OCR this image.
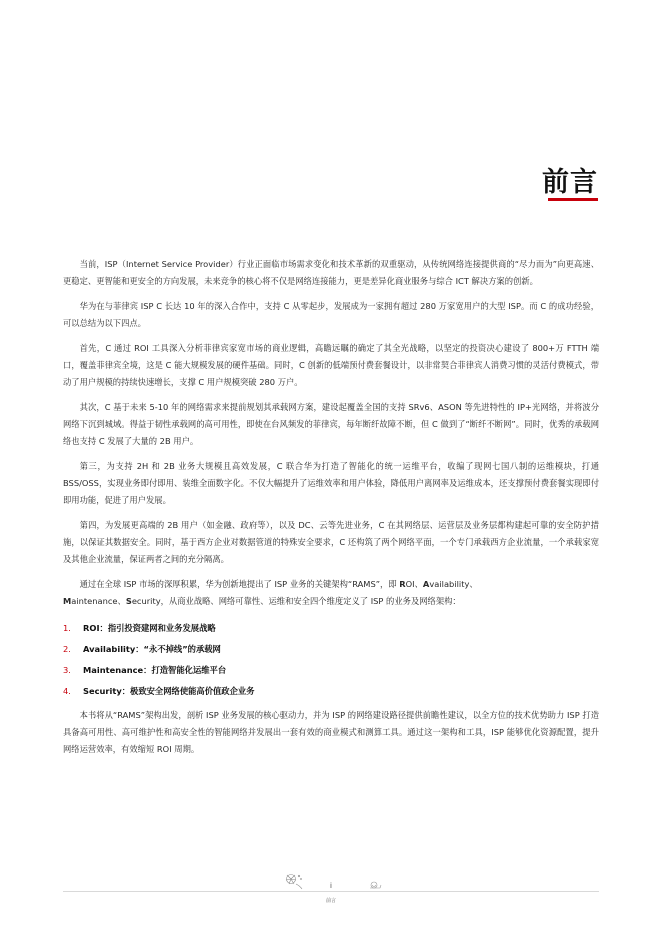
前言

当前，ISP（Internet Service Provider）行业正面临市场需求变化和技术革新的双重驱动，从传统网络连接提供商的“尽力而为”向更高速、更稳定、更智能和更安全的方向发展，未来竞争的核心将不仅是网络连接能力，更是差异化商业服务与综合 ICT 解决方案的创新。

华为在与菲律宾 ISP C 长达 10 年的深入合作中，支持 C 从零起步，发展成为一家拥有超过 280 万家宽用户的大型 ISP。而 C 的成功经验，可以总结为以下四点。

首先，C 通过 ROI 工具深入分析菲律宾家宽市场的商业逻辑，高瞻远瞩的确定了其全光战略，以坚定的投资决心建设了 800+万 FTTH 端口，覆盖菲律宾全境，这是 C 能大规模发展的硬件基础。同时，C 创新的低端预付费套餐设计，以非常契合菲律宾人消费习惯的灵活付费模式，带动了用户规模的持续快速增长，支撑 C 用户规模突破 280 万户。

其次，C 基于未来 5-10 年的网络需求来提前规划其承载网方案，建设起覆盖全国的支持 SRv6、ASON 等先进特性的 IP+光网络，并将波分网络下沉到城域。得益于韧性承载网的高可用性，即使在台风频发的菲律宾，每年断纤故障不断，但 C 做到了“断纤不断网”。同时，优秀的承载网络也支持 C 发展了大量的 2B 用户。

第三，为支持 2H 和 2B 业务大规模且高效发展，C 联合华为打造了智能化的统一运维平台，收编了现网七国八制的运维模块，打通 BSS/OSS，实现业务即付即用、装维全面数字化。不仅大幅提升了运维效率和用户体验，降低用户离网率及运维成本，还支撑预付费套餐实现即付即用功能，促进了用户发展。

第四，为发展更高端的 2B 用户（如金融、政府等），以及 DC、云等先进业务，C 在其网络层、运营层及业务层都构建起可靠的安全防护措施，以保证其数据安全。同时，基于西方企业对数据管道的特殊安全要求，C 还构筑了两个网络平面，一个专门承载西方企业流量，一个承载家宽及其他企业流量，保证两者之间的充分隔离。

通过在全球 ISP 市场的深厚积累，华为创新地提出了 ISP 业务的关键架构“RAMS”，即 ROI、Availability、
Maintenance、Security，从商业战略、网络可靠性、运维和安全四个维度定义了 ISP 的业务及网络架构：

1. ROI：指引投资建网和业务发展战略
2. Availability：“永不掉线”的承载网
3. Maintenance：打造智能化运维平台
4. Security：极致安全网络使能高价值政企业务

本书将从“RAMS”架构出发，剖析 ISP 业务发展的核心驱动力，并为 ISP 的网络建设路径提供前瞻性建议，以全方位的技术优势助力 ISP 打造具备高可用性、高可维护性和高安全性的智能网络并发展出一套有效的商业模式和测算工具。通过这一架构和工具，ISP 能够优化资源配置，提升网络运营效率，有效缩短 ROI 周期。

i
前言
